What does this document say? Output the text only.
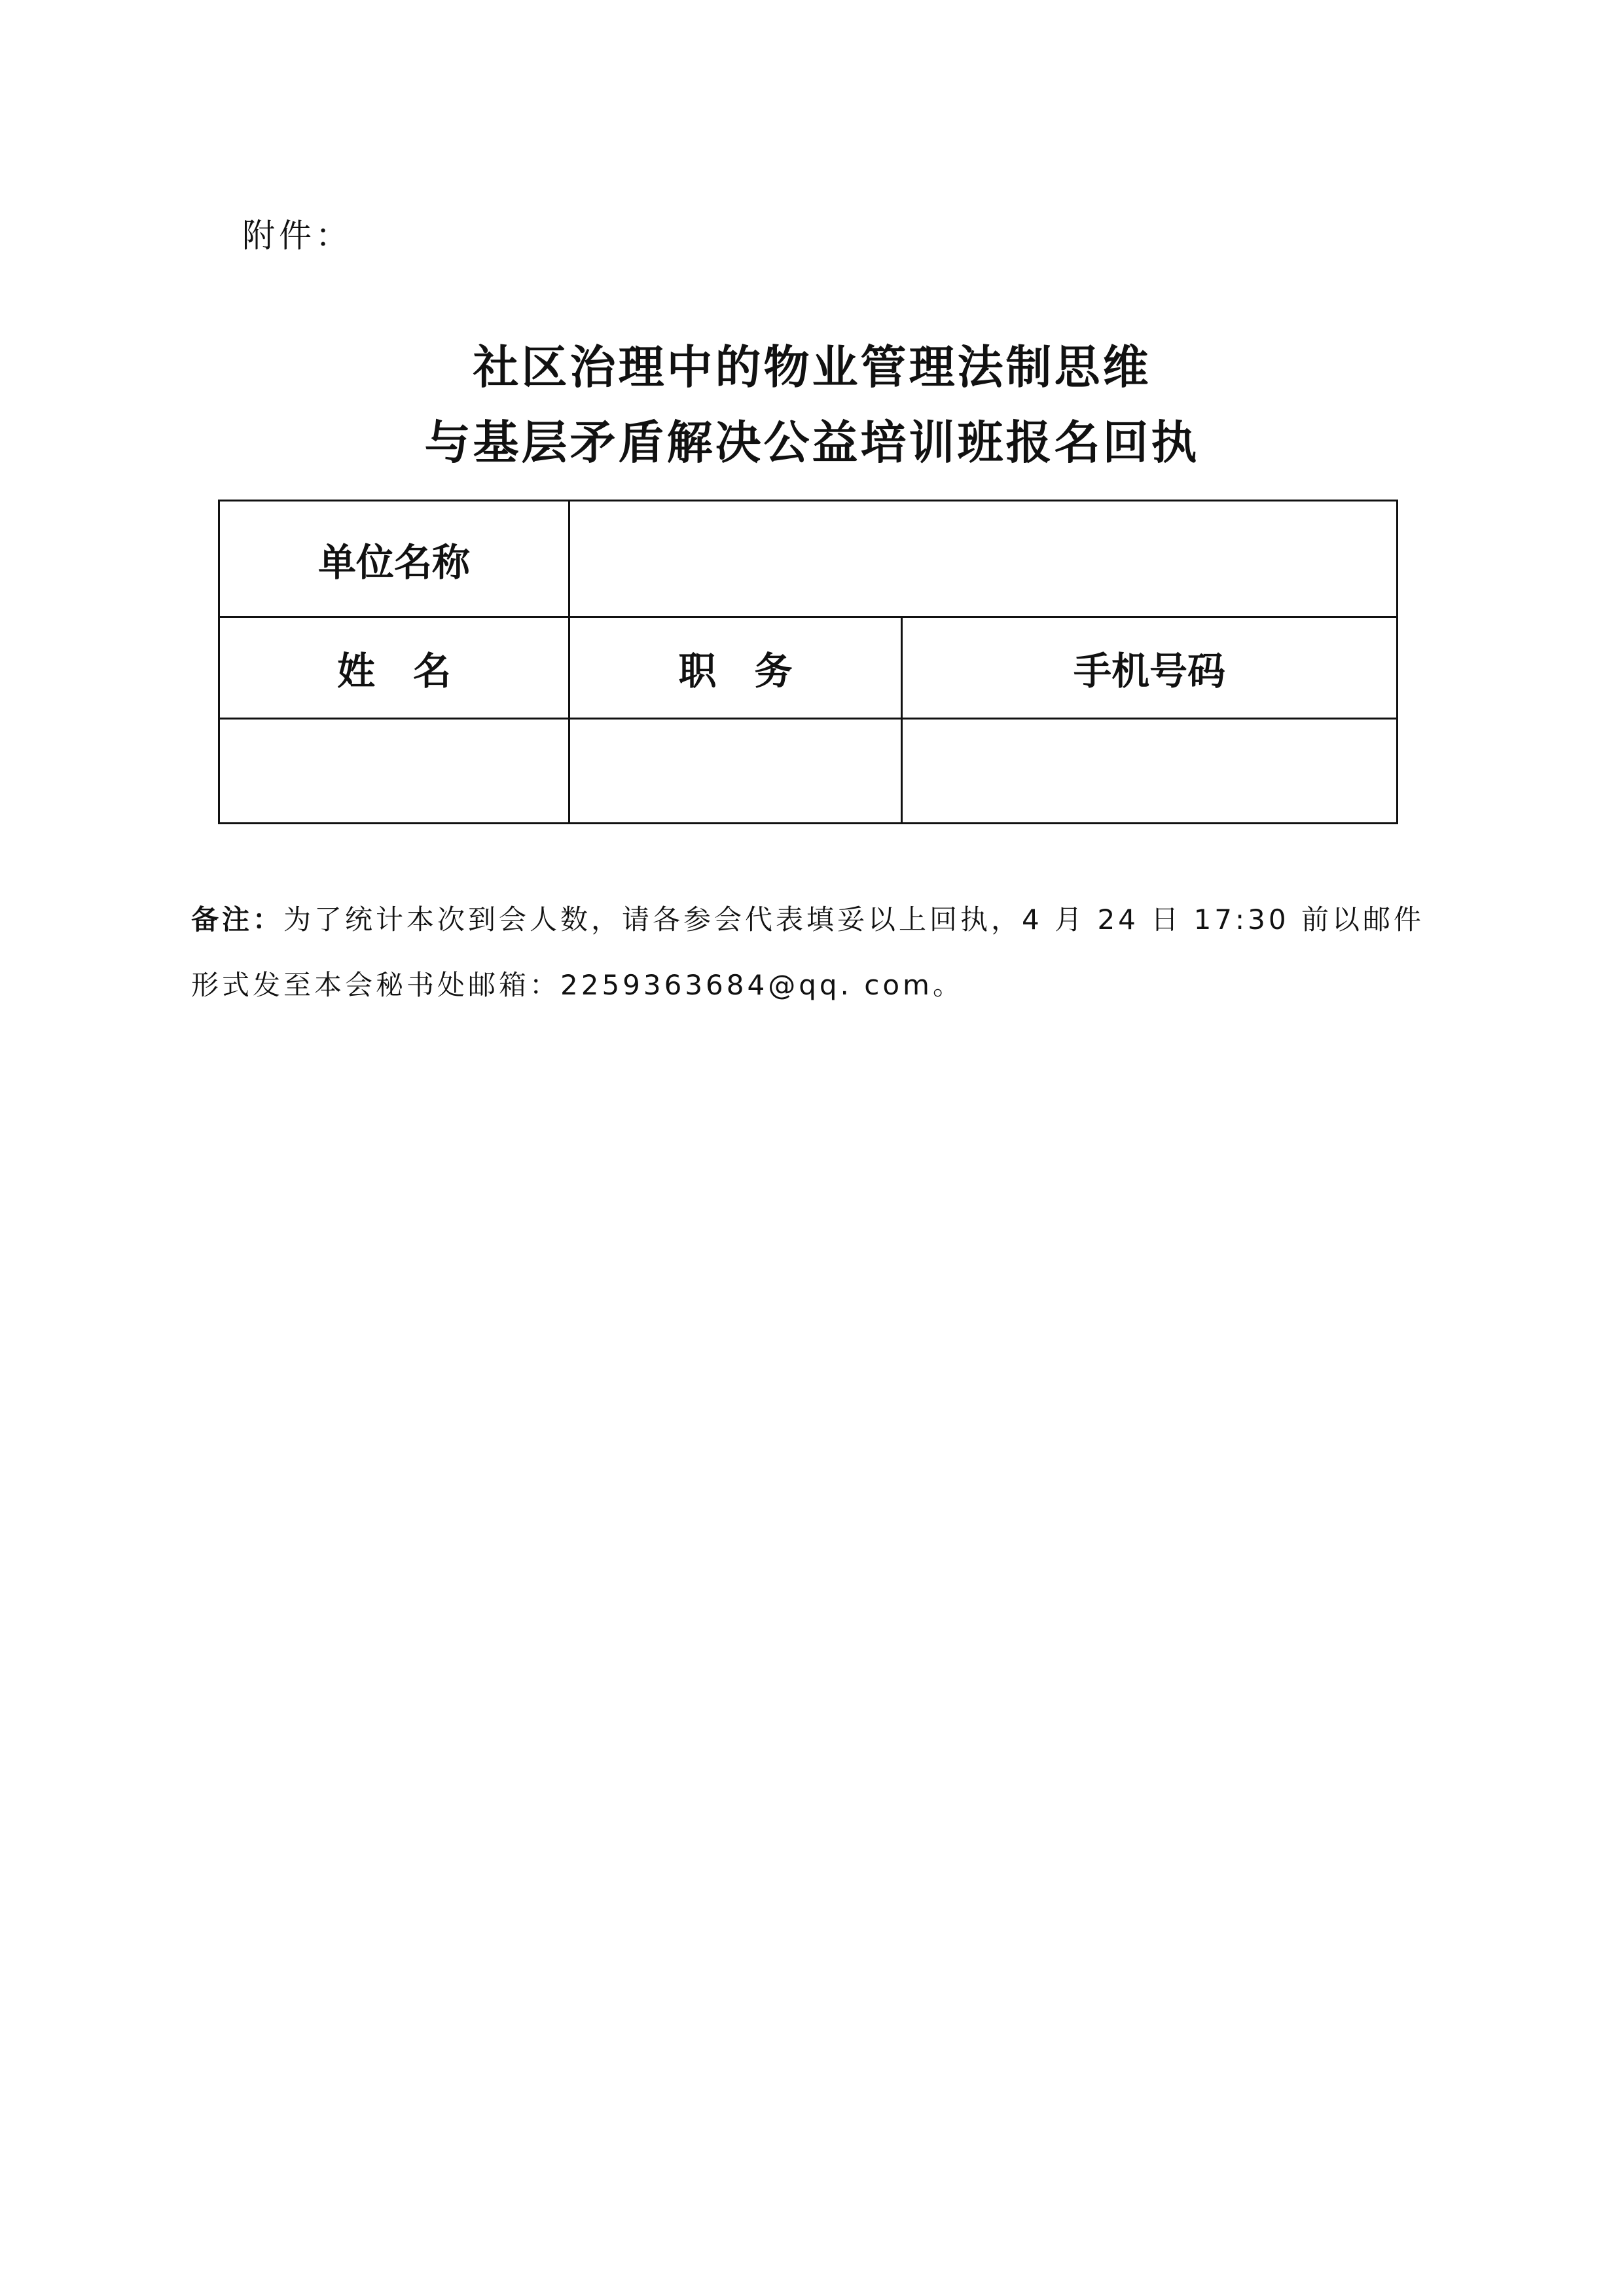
附件：
社区治理中的物业管理法制思维
与基层矛盾解决公益培训班报名回执
单位名称		
姓　名	职　务	手机号码

备注：为了统计本次到会人数，请各参会代表填妥以上回执，4 月 24 日 17:30 前以邮件
形式发至本会秘书处邮箱：2259363684@qq. com。
